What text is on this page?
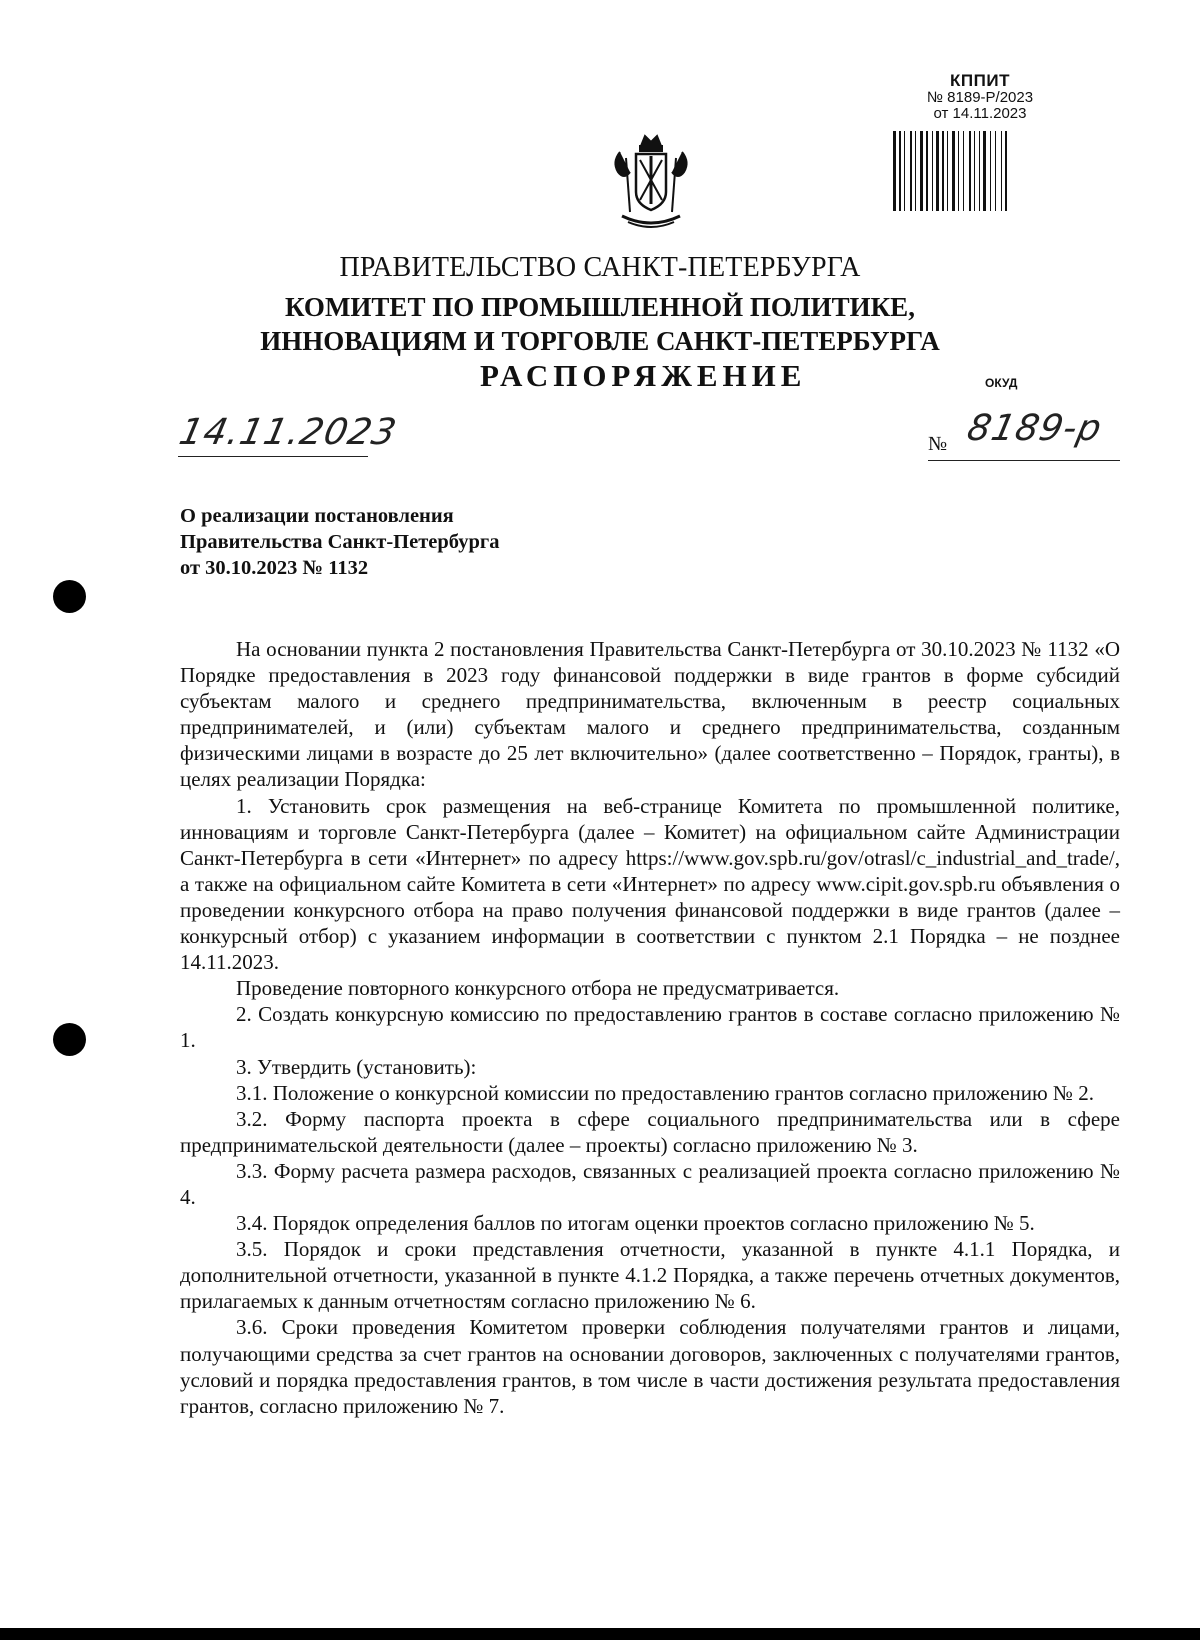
КППИТ
№ 8189-Р/2023
от 14.11.2023
ПРАВИТЕЛЬСТВО САНКТ-ПЕТЕРБУРГА
КОМИТЕТ ПО ПРОМЫШЛЕННОЙ ПОЛИТИКЕ,
ИННОВАЦИЯМ И ТОРГОВЛЕ САНКТ-ПЕТЕРБУРГА
РАСПОРЯЖЕНИЕ	ОКУД
14.11.2023	№ 8189-р
О реализации постановления
Правительства Санкт-Петербурга
от 30.10.2023 № 1132

На основании пункта 2 постановления Правительства Санкт-Петербурга от 30.10.2023 № 1132 «О Порядке предоставления в 2023 году финансовой поддержки в виде грантов в форме субсидий субъектам малого и среднего предпринимательства, включенным в реестр социальных предпринимателей, и (или) субъектам малого и среднего предпринимательства, созданным физическими лицами в возрасте до 25 лет включительно» (далее соответственно – Порядок, гранты), в целях реализации Порядка:

1. Установить срок размещения на веб-странице Комитета по промышленной политике, инновациям и торговле Санкт-Петербурга (далее – Комитет) на официальном сайте Администрации Санкт-Петербурга в сети «Интернет» по адресу https://www.gov.spb.ru/gov/otrasl/c_industrial_and_trade/, а также на официальном сайте Комитета в сети «Интернет» по адресу www.cipit.gov.spb.ru объявления о проведении конкурсного отбора на право получения финансовой поддержки в виде грантов (далее – конкурсный отбор) с указанием информации в соответствии с пунктом 2.1 Порядка – не позднее 14.11.2023.

Проведение повторного конкурсного отбора не предусматривается.

2. Создать конкурсную комиссию по предоставлению грантов в составе согласно приложению № 1.

3. Утвердить (установить):

3.1. Положение о конкурсной комиссии по предоставлению грантов согласно приложению № 2.

3.2. Форму паспорта проекта в сфере социального предпринимательства или в сфере предпринимательской деятельности (далее – проекты) согласно приложению № 3.

3.3. Форму расчета размера расходов, связанных с реализацией проекта согласно приложению № 4.

3.4. Порядок определения баллов по итогам оценки проектов согласно приложению № 5.

3.5. Порядок и сроки представления отчетности, указанной в пункте 4.1.1 Порядка, и дополнительной отчетности, указанной в пункте 4.1.2 Порядка, а также перечень отчетных документов, прилагаемых к данным отчетностям согласно приложению № 6.

3.6. Сроки проведения Комитетом проверки соблюдения получателями грантов и лицами, получающими средства за счет грантов на основании договоров, заключенных с получателями грантов, условий и порядка предоставления грантов, в том числе в части достижения результата предоставления грантов, согласно приложению № 7.
